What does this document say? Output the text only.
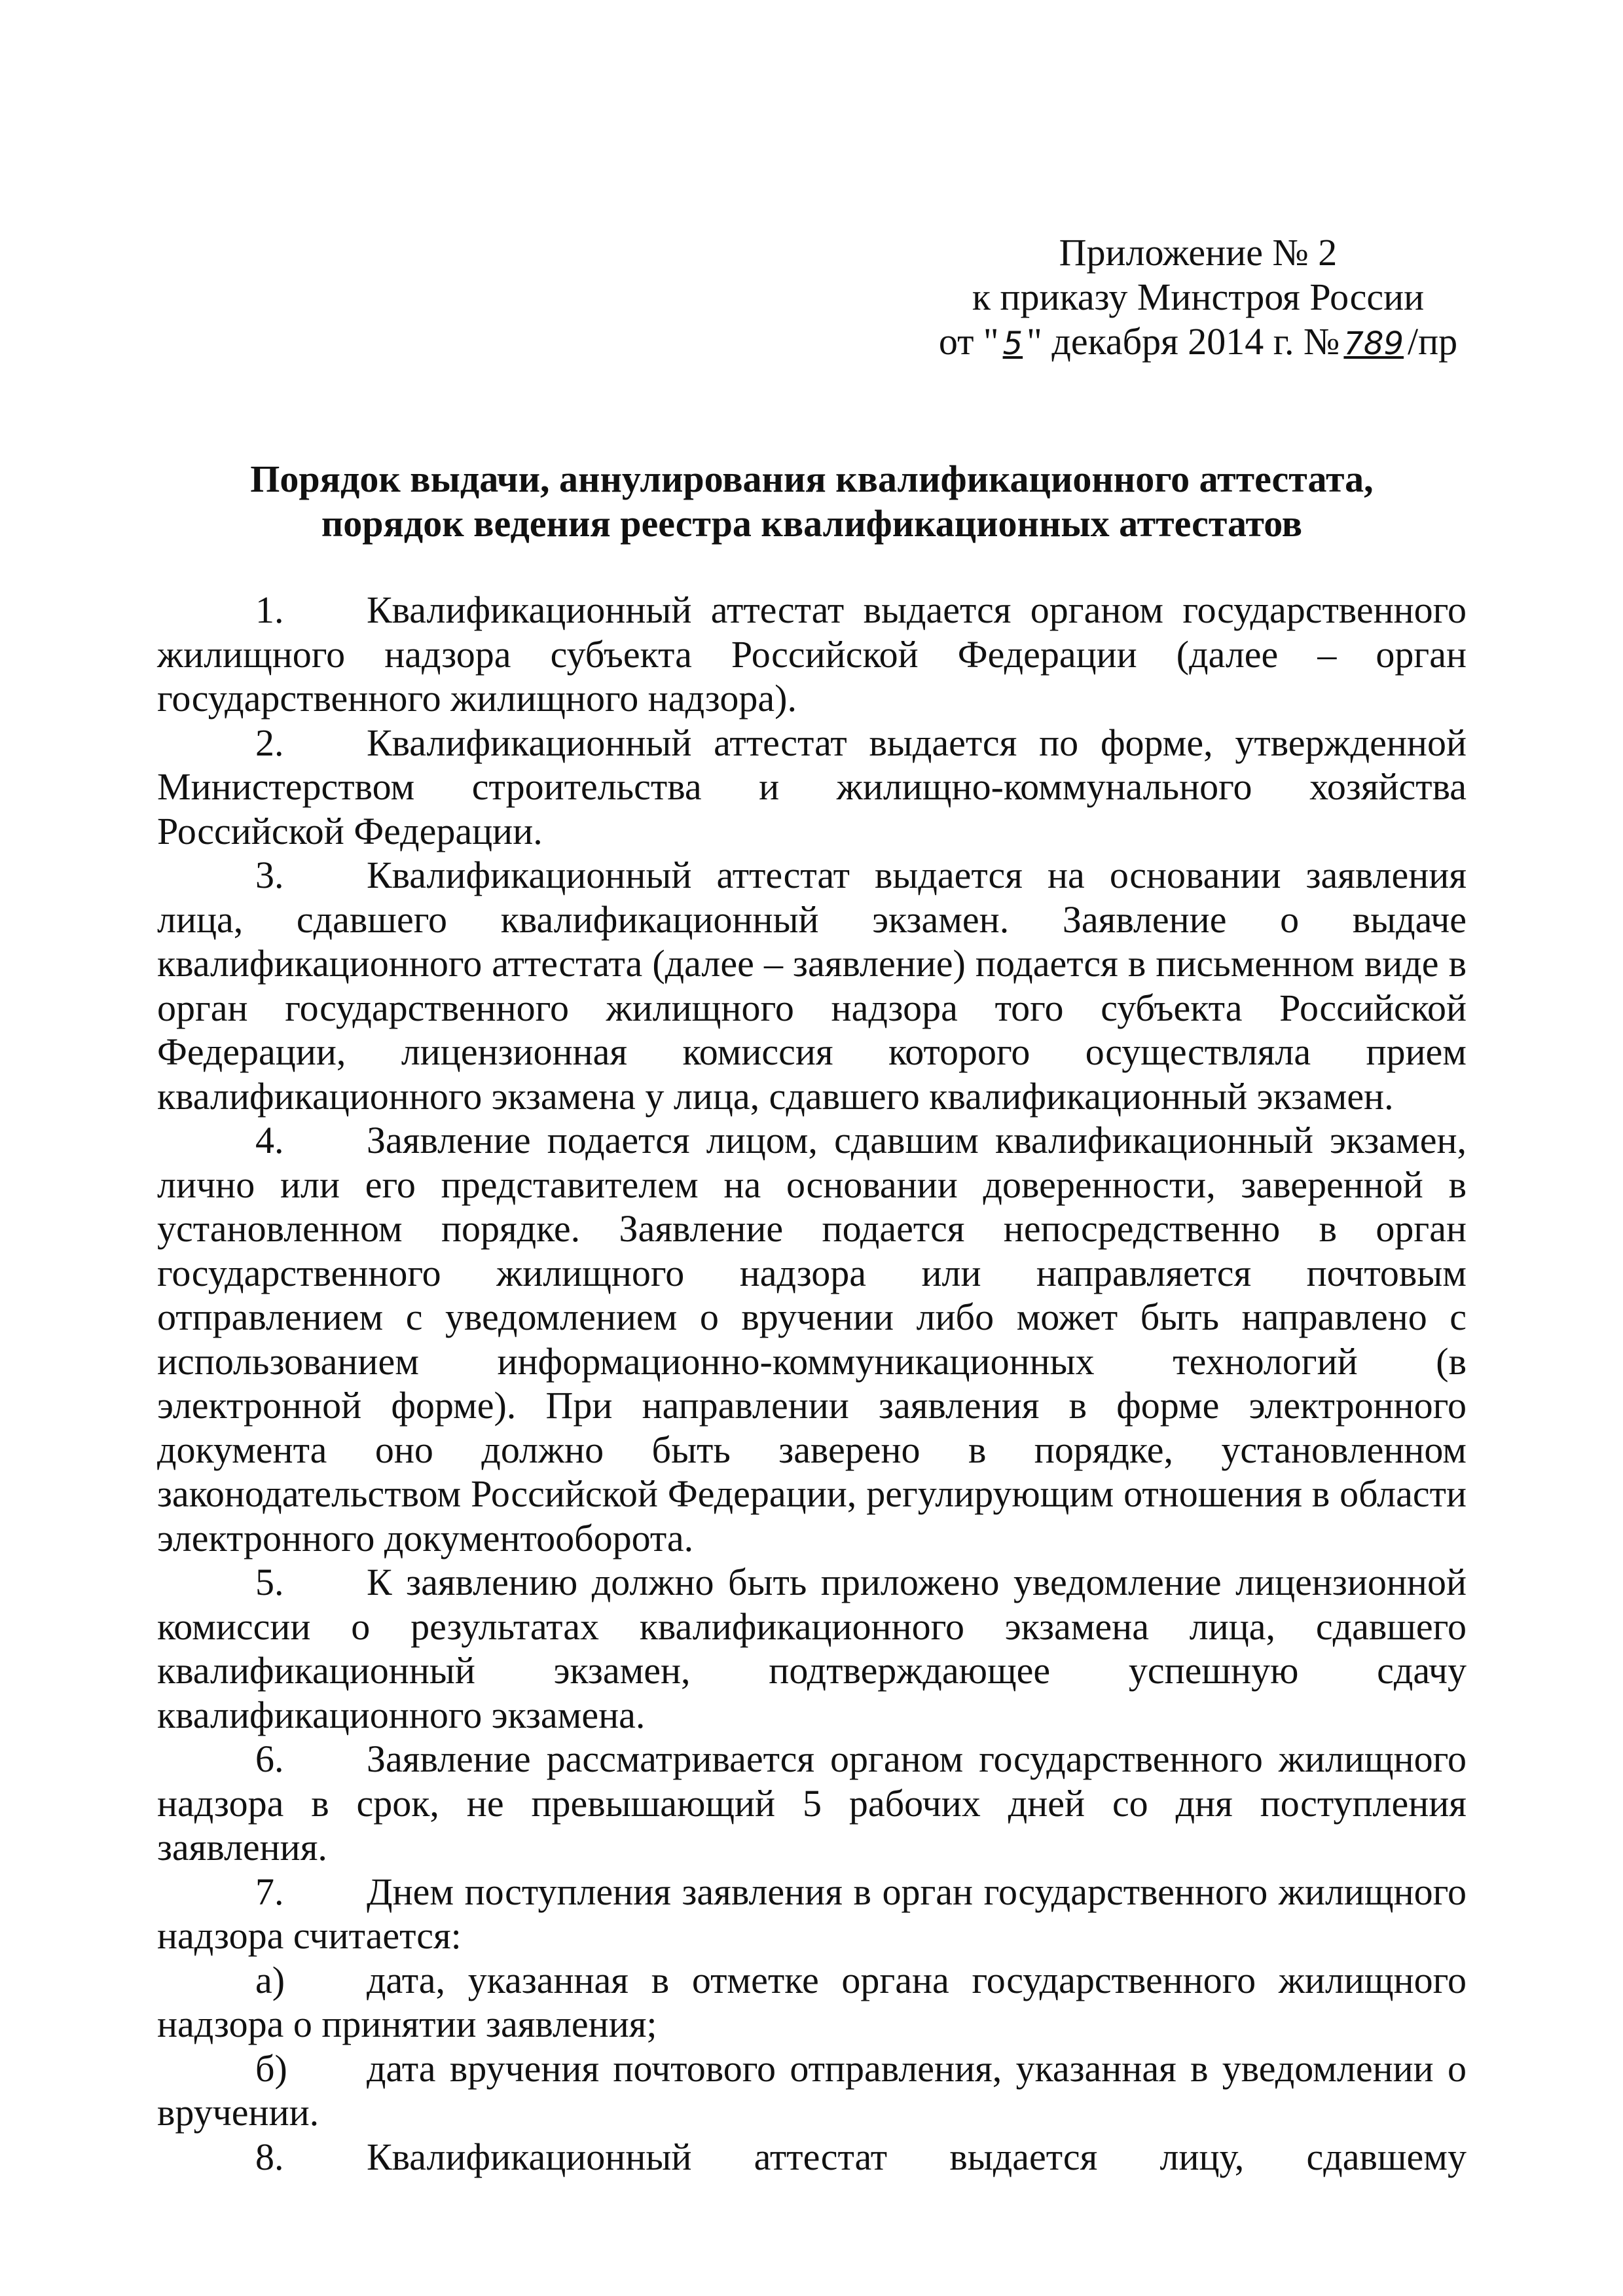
Приложение № 2
к приказу Минстроя России
от " 5 " декабря 2014 г. № 789 /пр
Порядок выдачи, аннулирования квалификационного аттестата,
порядок ведения реестра квалификационных аттестатов

1. Квалификационный аттестат выдается органом государственного жилищного надзора субъекта Российской Федерации (далее – орган государственного жилищного надзора).

2. Квалификационный аттестат выдается по форме, утвержденной Министерством строительства и жилищно-коммунального хозяйства Российской Федерации.

3. Квалификационный аттестат выдается на основании заявления лица, сдавшего квалификационный экзамен. Заявление о выдаче квалификационного аттестата (далее – заявление) подается в письменном виде в орган государственного жилищного надзора того субъекта Российской Федерации, лицензионная комиссия которого осуществляла прием квалификационного экзамена у лица, сдавшего квалификационный экзамен.

4. Заявление подается лицом, сдавшим квалификационный экзамен, лично или его представителем на основании доверенности, заверенной в установленном порядке. Заявление подается непосредственно в орган государственного жилищного надзора или направляется почтовым отправлением с уведомлением о вручении либо может быть направлено с использованием информационно-коммуникационных технологий (в электронной форме). При направлении заявления в форме электронного документа оно должно быть заверено в порядке, установленном законодательством Российской Федерации, регулирующим отношения в области электронного документооборота.

5. К заявлению должно быть приложено уведомление лицензионной комиссии о результатах квалификационного экзамена лица, сдавшего квалификационный экзамен, подтверждающее успешную сдачу квалификационного экзамена.

6. Заявление рассматривается органом государственного жилищного надзора в срок, не превышающий 5 рабочих дней со дня поступления заявления.

7. Днем поступления заявления в орган государственного жилищного надзора считается:

а) дата, указанная в отметке органа государственного жилищного надзора о принятии заявления;

б) дата вручения почтового отправления, указанная в уведомлении о вручении.

8. Квалификационный аттестат выдается лицу, сдавшему
